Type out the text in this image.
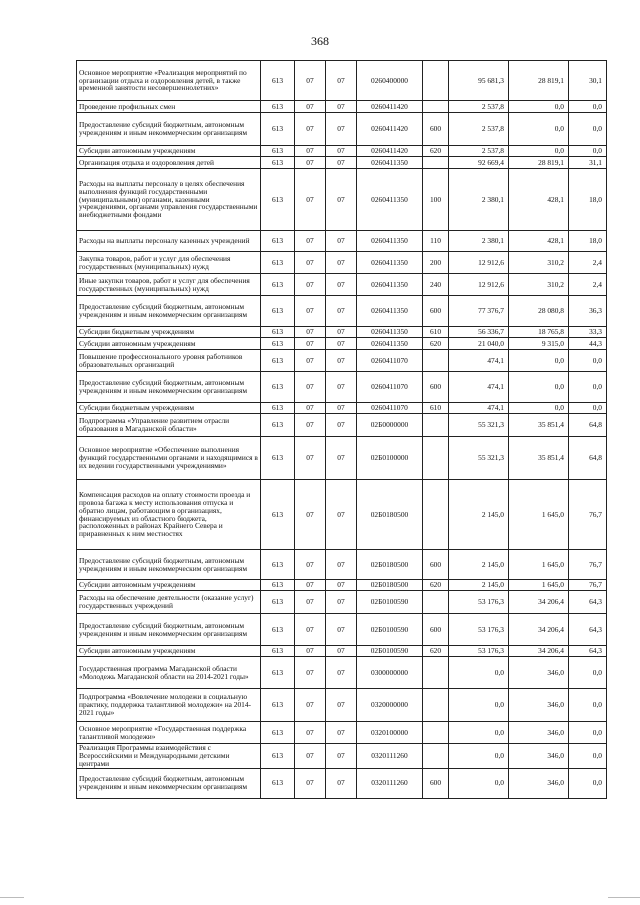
368
Основное мероприятие «Реализация мероприятий по организации отдыха и оздоровления детей, в также временной занятости несовершеннолетних»	613	07	07	0260400000		95 681,3	28 819,1	30,1
Проведение профильных смен	613	07	07	0260411420		2 537,8	0,0	0,0
Предоставление субсидий бюджетным, автономным учреждениям и иным некоммерческим организациям	613	07	07	0260411420	600	2 537,8	0,0	0,0
Субсидии автономным учреждениям	613	07	07	0260411420	620	2 537,8	0,0	0,0
Организация отдыха и оздоровления детей	613	07	07	0260411350		92 669,4	28 819,1	31,1
Расходы на выплаты персоналу в целях обеспечения выполнения функций государственными (муниципальными) органами, казенными учреждениями, органами управления государственными внебюджетными фондами	613	07	07	0260411350	100	2 380,1	428,1	18,0
Расходы на выплаты персоналу казенных учреждений	613	07	07	0260411350	110	2 380,1	428,1	18,0
Закупка товаров, работ и услуг для обеспечения государственных (муниципальных) нужд	613	07	07	0260411350	200	12 912,6	310,2	2,4
Иные закупки товаров, работ и услуг для обеспечения государственных (муниципальных) нужд	613	07	07	0260411350	240	12 912,6	310,2	2,4
Предоставление субсидий бюджетным, автономным учреждениям и иным некоммерческим организациям	613	07	07	0260411350	600	77 376,7	28 080,8	36,3
Субсидии бюджетным учреждениям	613	07	07	0260411350	610	56 336,7	18 765,8	33,3
Субсидии автономным учреждениям	613	07	07	0260411350	620	21 040,0	9 315,0	44,3
Повышение профессионального уровня работников образовательных организаций	613	07	07	0260411070		474,1	0,0	0,0
Предоставление субсидий бюджетным, автономным учреждениям и иным некоммерческим организациям	613	07	07	0260411070	600	474,1	0,0	0,0
Субсидии бюджетным учреждениям	613	07	07	0260411070	610	474,1	0,0	0,0
Подпрограмма «Управление развитием отрасли образования в Магаданской области»	613	07	07	02Б0000000		55 321,3	35 851,4	64,8
Основное мероприятие «Обеспечение выполнения функций государственными органами и находящимися в их ведении государственными учреждениями»	613	07	07	02Б0100000		55 321,3	35 851,4	64,8
Компенсация расходов на оплату стоимости проезда и провоза багажа к месту использования отпуска и обратно лицам, работающим в организациях, финансируемых из областного бюджета, расположенных в районах Крайнего Севера и приравненных к ним местностях	613	07	07	02Б0180500		2 145,0	1 645,0	76,7
Предоставление субсидий бюджетным, автономным учреждениям и иным некоммерческим организациям	613	07	07	02Б0180500	600	2 145,0	1 645,0	76,7
Субсидии автономным учреждениям	613	07	07	02Б0180500	620	2 145,0	1 645,0	76,7
Расходы на обеспечение деятельности (оказание услуг) государственных учреждений	613	07	07	02Б0100590		53 176,3	34 206,4	64,3
Предоставление субсидий бюджетным, автономным учреждениям и иным некоммерческим организациям	613	07	07	02Б0100590	600	53 176,3	34 206,4	64,3
Субсидии автономным учреждениям	613	07	07	02Б0100590	620	53 176,3	34 206,4	64,3
Государственная программа Магаданской области «Молодежь Магаданской области на 2014-2021 годы»	613	07	07	0300000000		0,0	346,0	0,0
Подпрограмма «Вовлечение молодежи в социальную практику, поддержка талантливой молодежи» на 2014-2021 годы»	613	07	07	0320000000		0,0	346,0	0,0
Основное мероприятие «Государственная поддержка талантливой молодежи»	613	07	07	0320100000		0,0	346,0	0,0
Реализация Программы взаимодействия с Всероссийскими и Международными детскими центрами	613	07	07	0320111260		0,0	346,0	0,0
Предоставление субсидий бюджетным, автономным учреждениям и иным некоммерческим организациям	613	07	07	0320111260	600	0,0	346,0	0,0
